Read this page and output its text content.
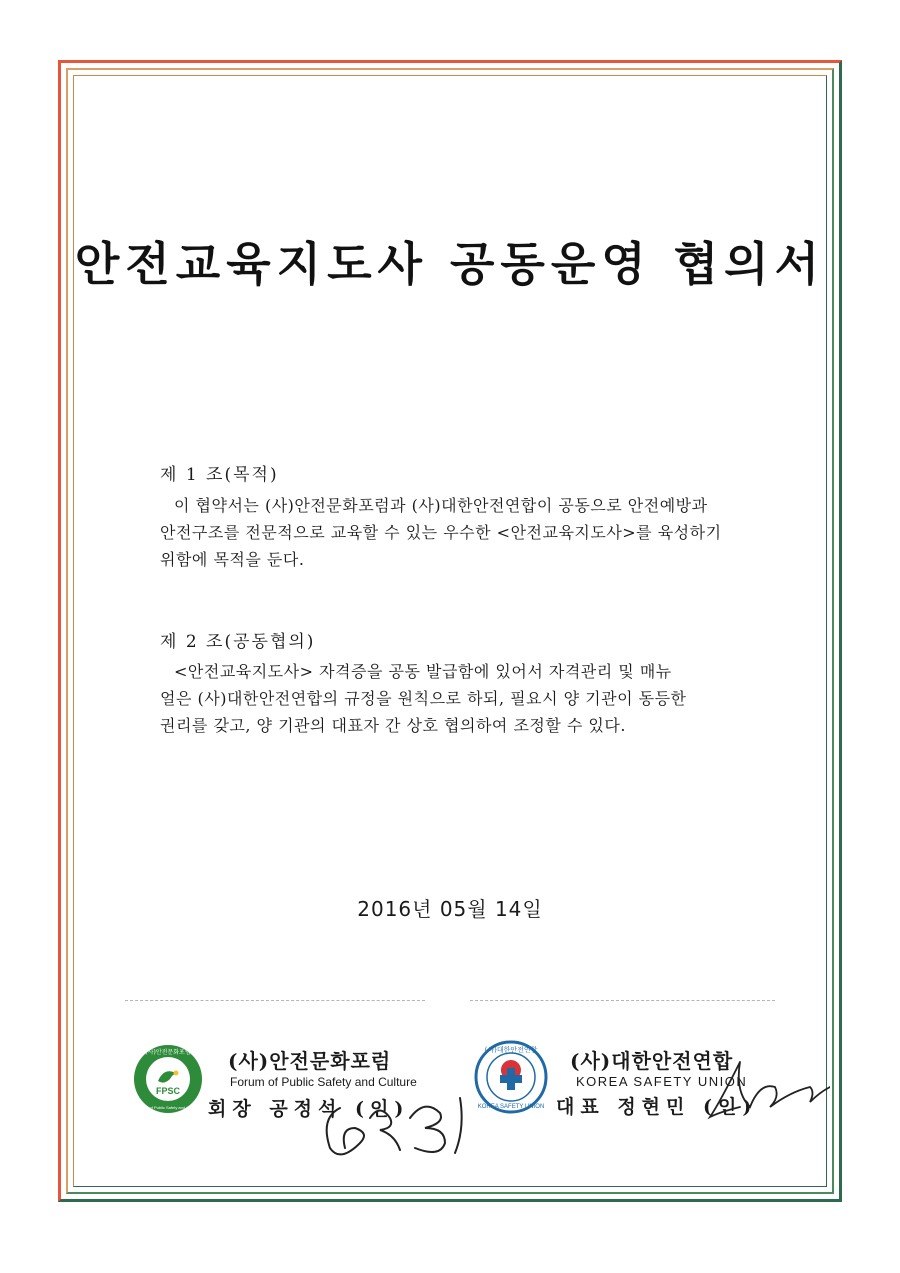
안전교육지도사 공동운영 협의서
제 1 조(목적)
이 협약서는 (사)안전문화포럼과 (사)대한안전연합이 공동으로 안전예방과
안전구조를 전문적으로 교육할 수 있는 우수한 <안전교육지도사>를 육성하기
위함에 목적을 둔다.
제 2 조(공동협의)
<안전교육지도사> 자격증을 공동 발급함에 있어서 자격관리 및 매뉴
얼은 (사)대한안전연합의 규정을 원칙으로 하되, 필요시 양 기관이 동등한
권리를 갖고, 양 기관의 대표자 간 상호 협의하여 조정할 수 있다.
2016년 05월 14일
FPSC
(사)안전문화포럼
Forum of Public Safety and Culture
(사)안전문화포럼
Forum of Public Safety and Culture
회장 공정석 (인)
(사)대한안전연합
KOREA SAFETY UNION
(사)대한안전연합
KOREA SAFETY UNION
대표 정현민 (인)
